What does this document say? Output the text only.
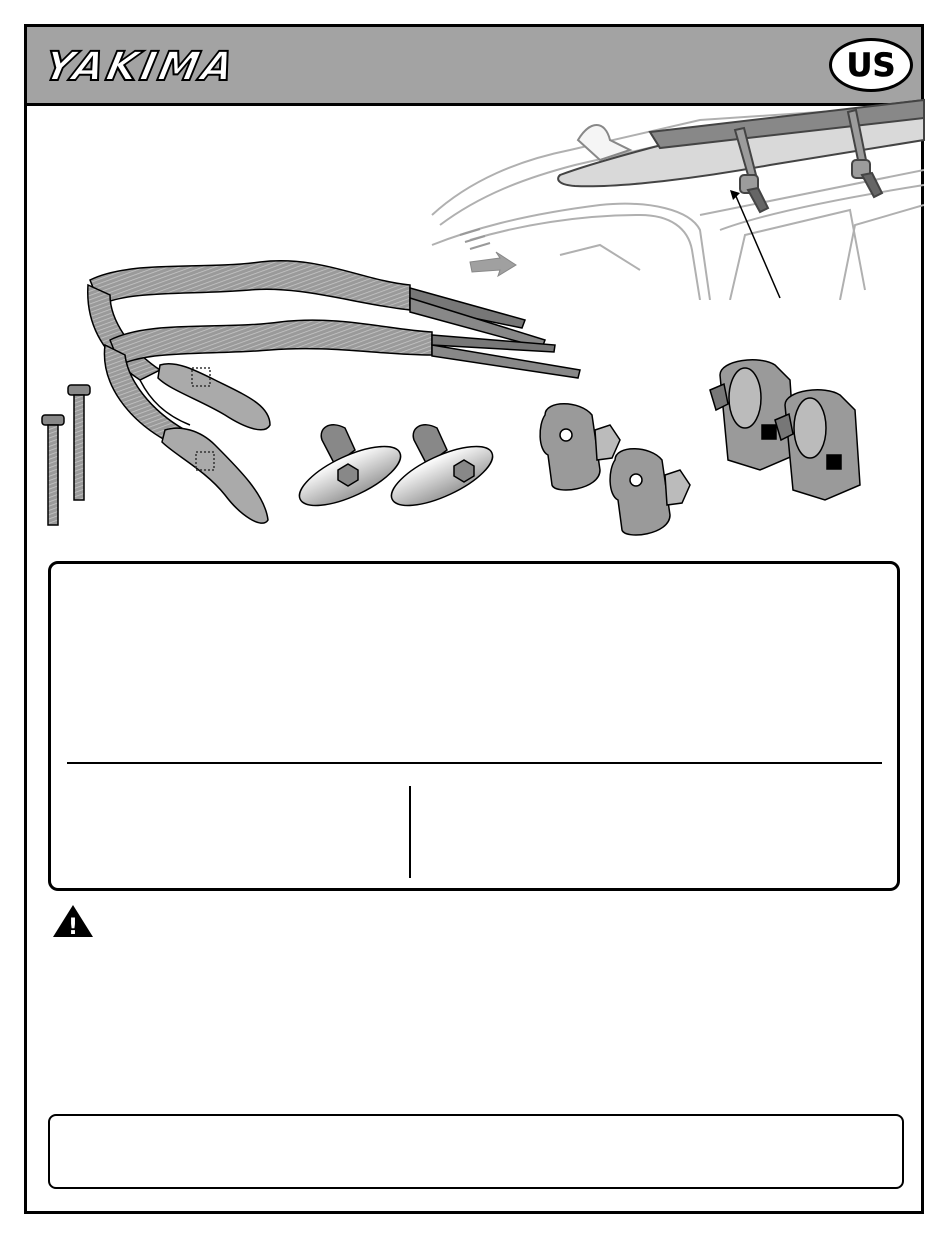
YAKIMA	US
!
